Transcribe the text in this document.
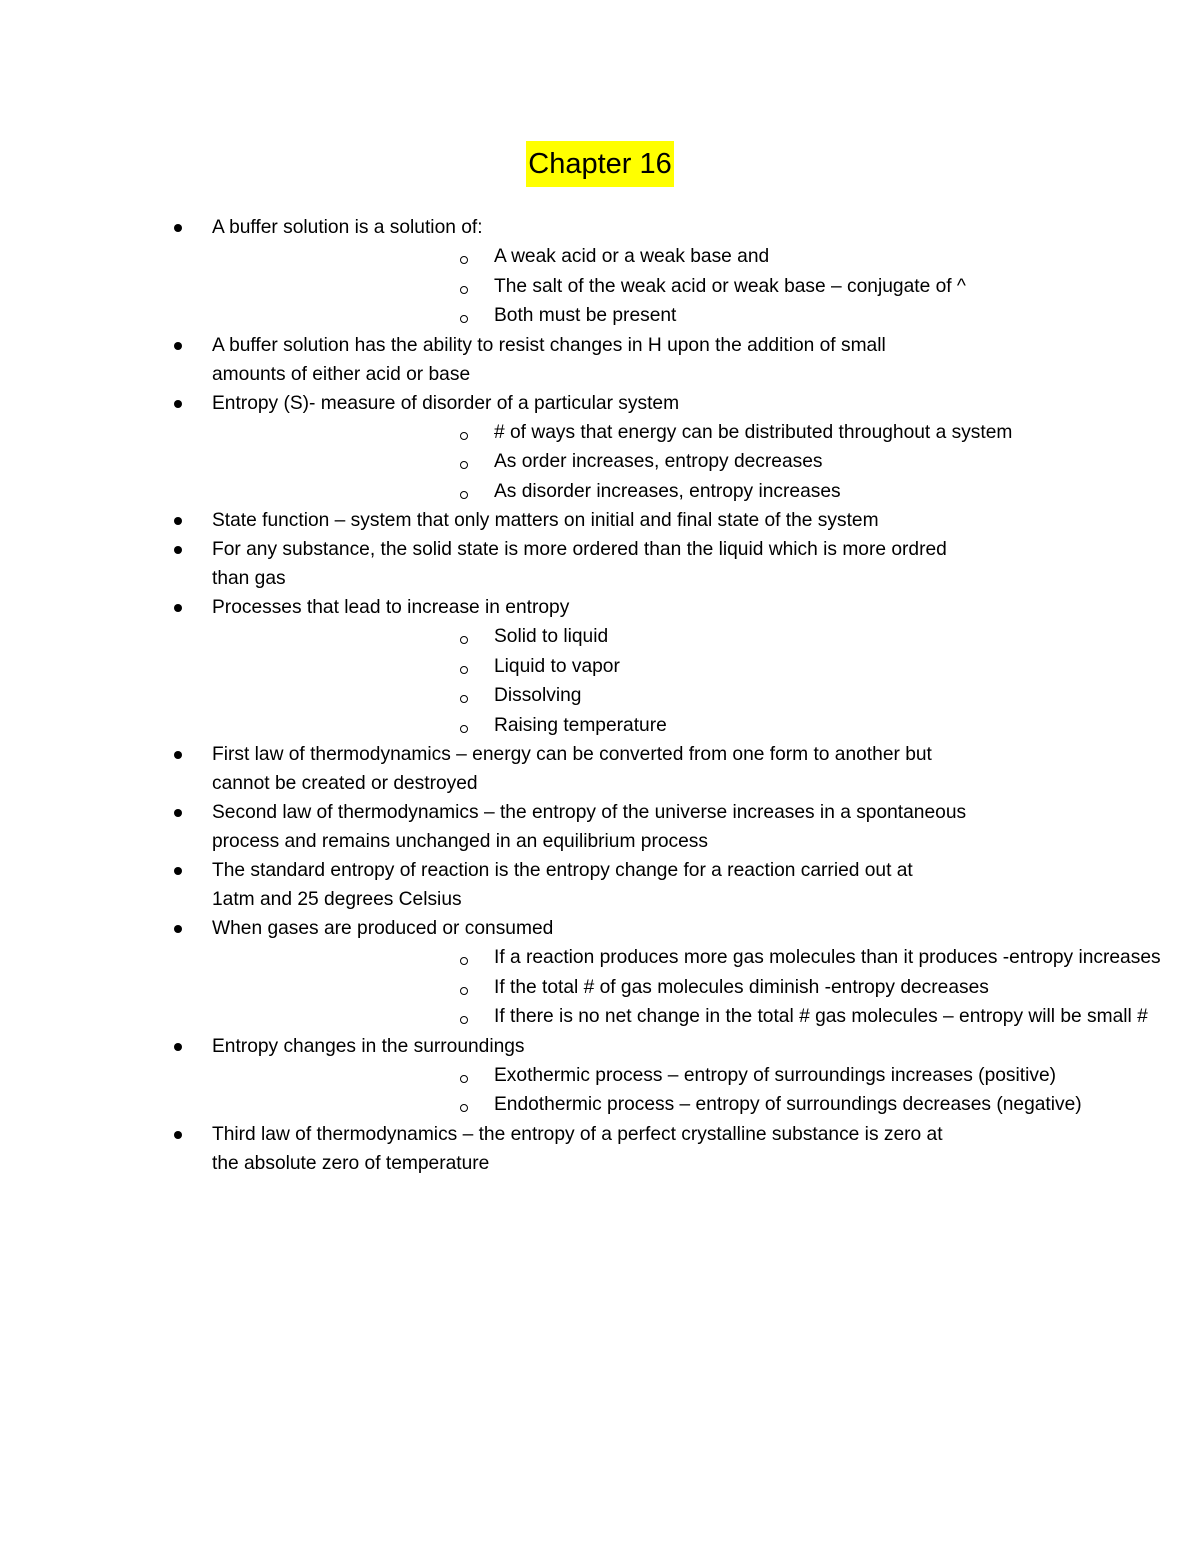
Chapter 16
A buffer solution is a solution of:
A weak acid or a weak base and
The salt of the weak acid or weak base – conjugate of ^
Both must be present
A buffer solution has the ability to resist changes in H upon the addition of small
amounts of either acid or base
Entropy (S)- measure of disorder of a particular system
# of ways that energy can be distributed throughout a system
As order increases, entropy decreases
As disorder increases, entropy increases
State function – system that only matters on initial and final state of the system
For any substance, the solid state is more ordered than the liquid which is more ordred
than gas
Processes that lead to increase in entropy
Solid to liquid
Liquid to vapor
Dissolving
Raising temperature
First law of thermodynamics – energy can be converted from one form to another but
cannot be created or destroyed
Second law of thermodynamics – the entropy of the universe increases in a spontaneous
process and remains unchanged in an equilibrium process
The standard entropy of reaction is the entropy change for a reaction carried out at
1atm and 25 degrees Celsius
When gases are produced or consumed
If a reaction produces more gas molecules than it produces -entropy increases
If the total # of gas molecules diminish -entropy decreases
If there is no net change in the total # gas molecules – entropy will be small #
Entropy changes in the surroundings
Exothermic process – entropy of surroundings increases (positive)
Endothermic process – entropy of surroundings decreases (negative)
Third law of thermodynamics – the entropy of a perfect crystalline substance is zero at
the absolute zero of temperature
